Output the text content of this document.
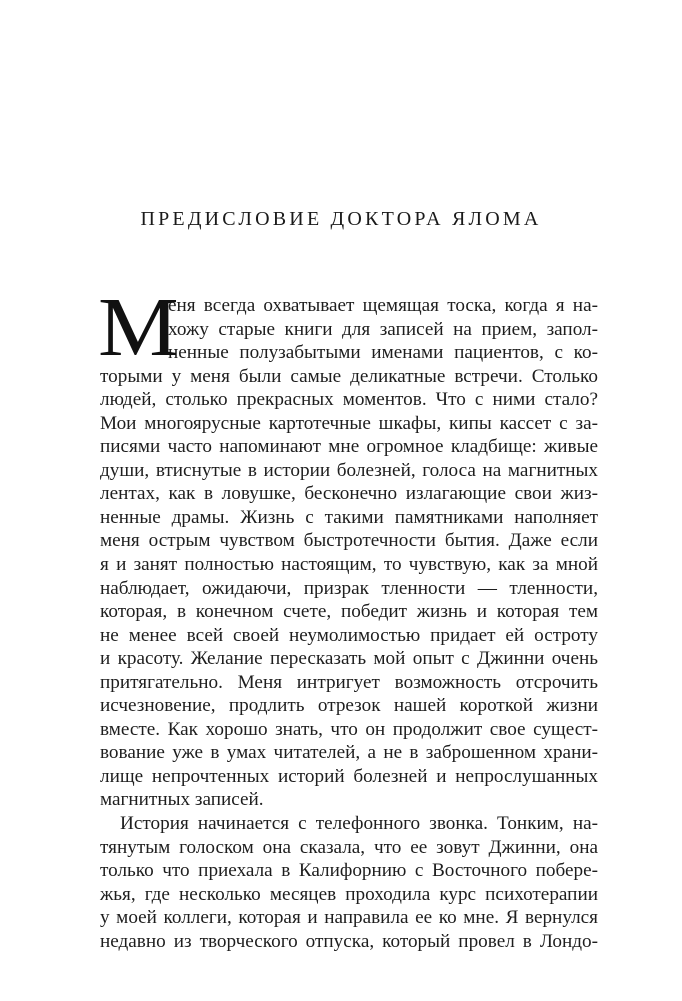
ПРЕДИСЛОВИЕ ДОКТОРА ЯЛОМА
М
еня всегда охватывает щемящая тоска, когда я на-
хожу старые книги для записей на прием, запол-
ненные полузабытыми именами пациентов, с ко-
торыми у меня были самые деликатные встречи. Столько
людей, столько прекрасных моментов. Что с ними стало?
Мои многоярусные картотечные шкафы, кипы кассет с за-
писями часто напоминают мне огромное кладбище: живые
души, втиснутые в истории болезней, голоса на магнитных
лентах, как в ловушке, бесконечно излагающие свои жиз-
ненные драмы. Жизнь с такими памятниками наполняет
меня острым чувством быстротечности бытия. Даже если
я и занят полностью настоящим, то чувствую, как за мной
наблюдает, ожидаючи, призрак тленности — тленности,
которая, в конечном счете, победит жизнь и которая тем
не менее всей своей неумолимостью придает ей остроту
и красоту. Желание пересказать мой опыт с Джинни очень
притягательно. Меня интригует возможность отсрочить
исчезновение, продлить отрезок нашей короткой жизни
вместе. Как хорошо знать, что он продолжит свое сущест-
вование уже в умах читателей, а не в заброшенном храни-
лище непрочтенных историй болезней и непрослушанных
магнитных записей.
История начинается с телефонного звонка. Тонким, на-
тянутым голоском она сказала, что ее зовут Джинни, она
только что приехала в Калифорнию с Восточного побере-
жья, где несколько месяцев проходила курс психотерапии
у моей коллеги, которая и направила ее ко мне. Я вернулся
недавно из творческого отпуска, который провел в Лондо-
